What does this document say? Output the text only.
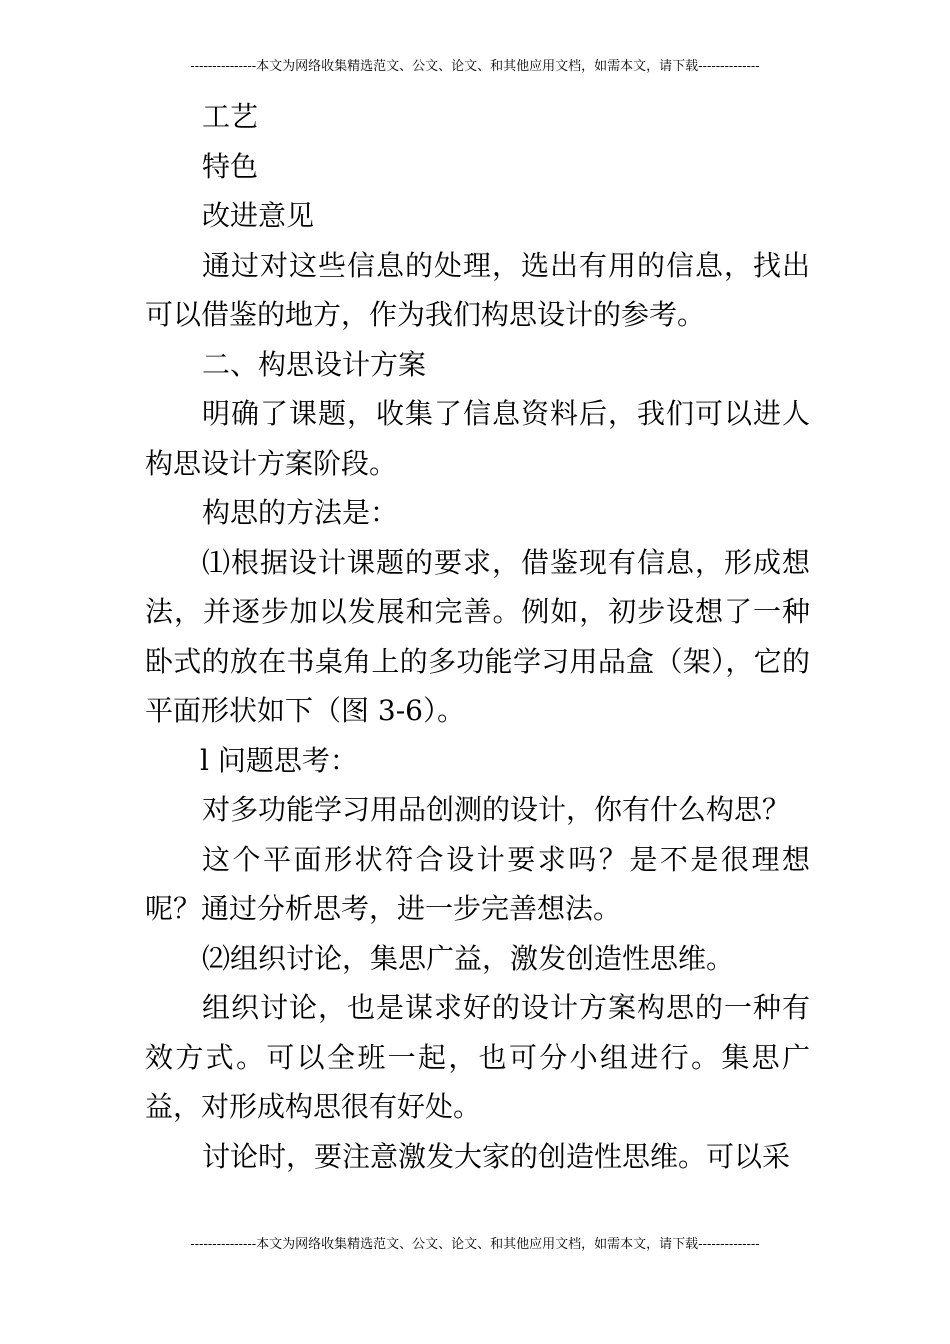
---------------本文为网络收集精选范文、公文、论文、和其他应用文档，如需本文，请下载--------------

工艺

特色

改进意见

通过对这些信息的处理，选出有用的信息，找出可以借鉴的地方，作为我们构思设计的参考。

二、构思设计方案

明确了课题，收集了信息资料后，我们可以进人构思设计方案阶段。

构思的方法是：

⑴根据设计课题的要求，借鉴现有信息，形成想法，并逐步加以发展和完善。例如，初步设想了一种卧式的放在书桌角上的多功能学习用品盒（架），它的平面形状如下（图 3-6）。

l 问题思考：

对多功能学习用品创测的设计，你有什么构思？

这个平面形状符合设计要求吗？是不是很理想呢？通过分析思考，进一步完善想法。

⑵组织讨论，集思广益，激发创造性思维。

组织讨论，也是谋求好的设计方案构思的一种有效方式。可以全班一起，也可分小组进行。集思广益，对形成构思很有好处。

讨论时，要注意激发大家的创造性思维。可以采

---------------本文为网络收集精选范文、公文、论文、和其他应用文档，如需本文，请下载--------------
